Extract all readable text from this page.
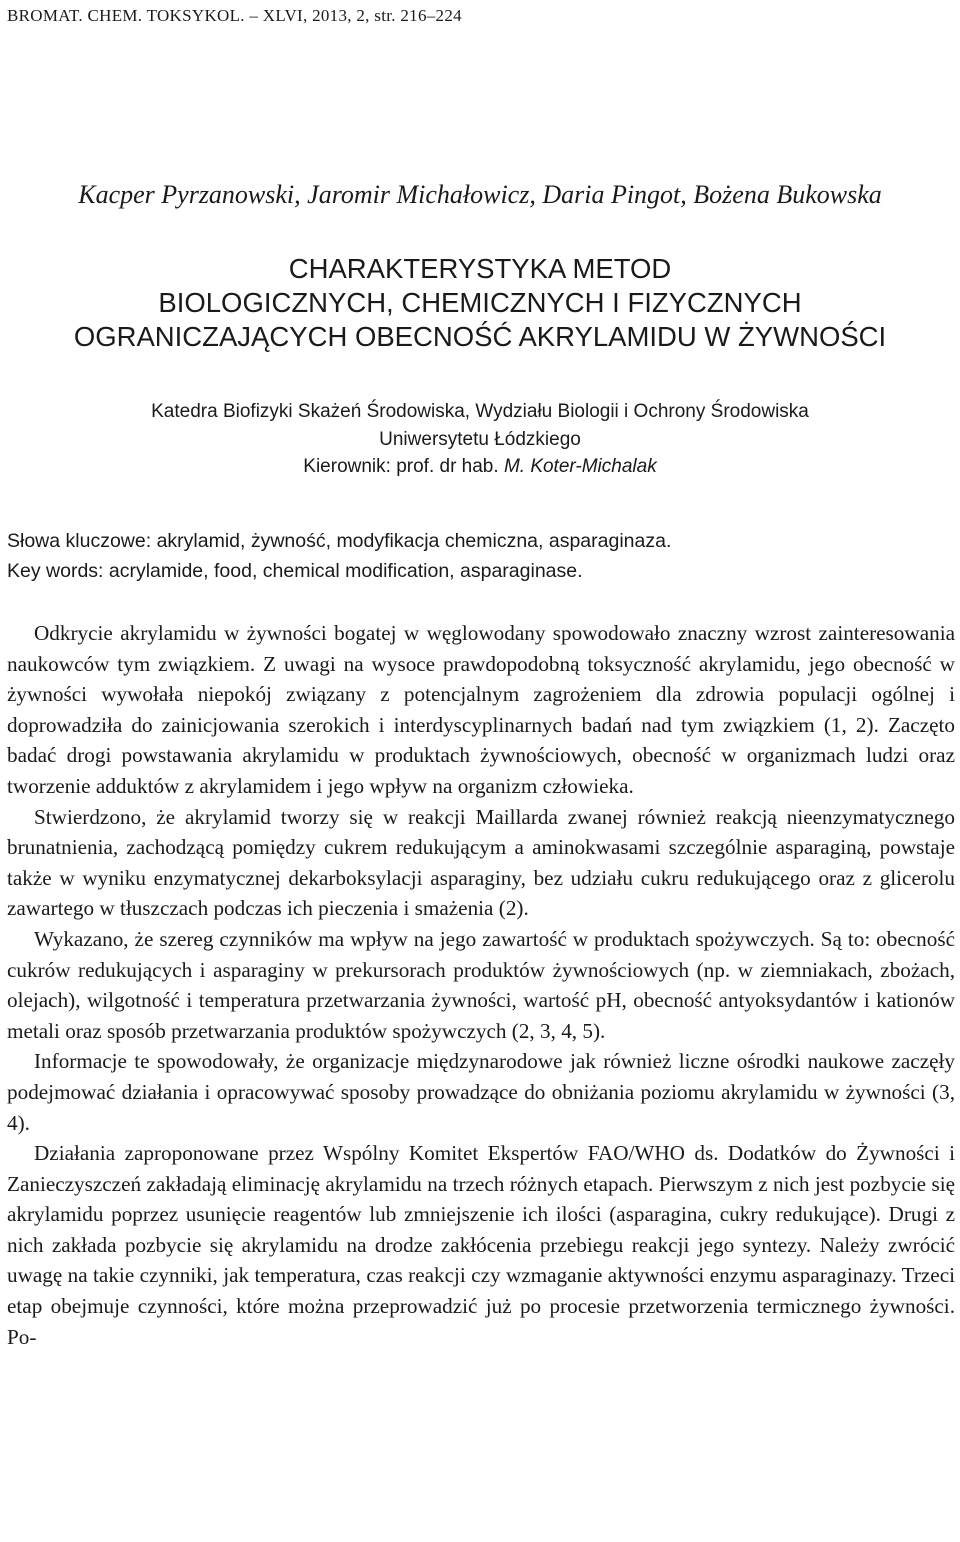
BROMAT. CHEM. TOKSYKOL. – XLVI, 2013, 2, str. 216–224
Kacper Pyrzanowski, Jaromir Michałowicz, Daria Pingot, Bożena Bukowska
CHARAKTERYSTYKA METOD
BIOLOGICZNYCH, CHEMICZNYCH I FIZYCZNYCH
OGRANICZAJĄCYCH OBECNOŚĆ AKRYLAMIDU W ŻYWNOŚCI
Katedra Biofizyki Skażeń Środowiska, Wydziału Biologii i Ochrony Środowiska
Uniwersytetu Łódzkiego
Kierownik: prof. dr hab. M. Koter-Michalak
Słowa kluczowe: akrylamid, żywność, modyfikacja chemiczna, asparaginaza.
Key words: acrylamide, food, chemical modification, asparaginase.

Odkrycie akrylamidu w żywności bogatej w węglowodany spowodowało znaczny wzrost zainteresowania naukowców tym związkiem. Z uwagi na wysoce prawdopodobną toksyczność akrylamidu, jego obecność w żywności wywołała niepokój związany z potencjalnym zagrożeniem dla zdrowia populacji ogólnej i doprowadziła do zainicjowania szerokich i interdyscyplinarnych badań nad tym związkiem (1, 2). Zaczęto badać drogi powstawania akrylamidu w produktach żywnościowych, obecność w organizmach ludzi oraz tworzenie adduktów z akrylamidem i jego wpływ na organizm człowieka.

Stwierdzono, że akrylamid tworzy się w reakcji Maillarda zwanej również reakcją nieenzymatycznego brunatnienia, zachodzącą pomiędzy cukrem redukującym a aminokwasami szczególnie asparaginą, powstaje także w wyniku enzymatycznej dekarboksylacji asparaginy, bez udziału cukru redukującego oraz z glicerolu zawartego w tłuszczach podczas ich pieczenia i smażenia (2).

Wykazano, że szereg czynników ma wpływ na jego zawartość w produktach spożywczych. Są to: obecność cukrów redukujących i asparaginy w prekursorach produktów żywnościowych (np. w ziemniakach, zbożach, olejach), wilgotność i temperatura przetwarzania żywności, wartość pH, obecność antyoksydantów i kationów metali oraz sposób przetwarzania produktów spożywczych (2, 3, 4, 5).

Informacje te spowodowały, że organizacje międzynarodowe jak również liczne ośrodki naukowe zaczęły podejmować działania i opracowywać sposoby prowadzące do obniżania poziomu akrylamidu w żywności (3, 4).

Działania zaproponowane przez Wspólny Komitet Ekspertów FAO/WHO ds. Dodatków do Żywności i Zanieczyszczeń zakładają eliminację akrylamidu na trzech różnych etapach. Pierwszym z nich jest pozbycie się akrylamidu poprzez usunięcie reagentów lub zmniejszenie ich ilości (asparagina, cukry redukujące). Drugi z nich zakłada pozbycie się akrylamidu na drodze zakłócenia przebiegu reakcji jego syntezy. Należy zwrócić uwagę na takie czynniki, jak temperatura, czas reakcji czy wzmaganie aktywności enzymu asparaginazy. Trzeci etap obejmuje czynności, które można przeprowadzić już po procesie przetworzenia termicznego żywności. Po-
